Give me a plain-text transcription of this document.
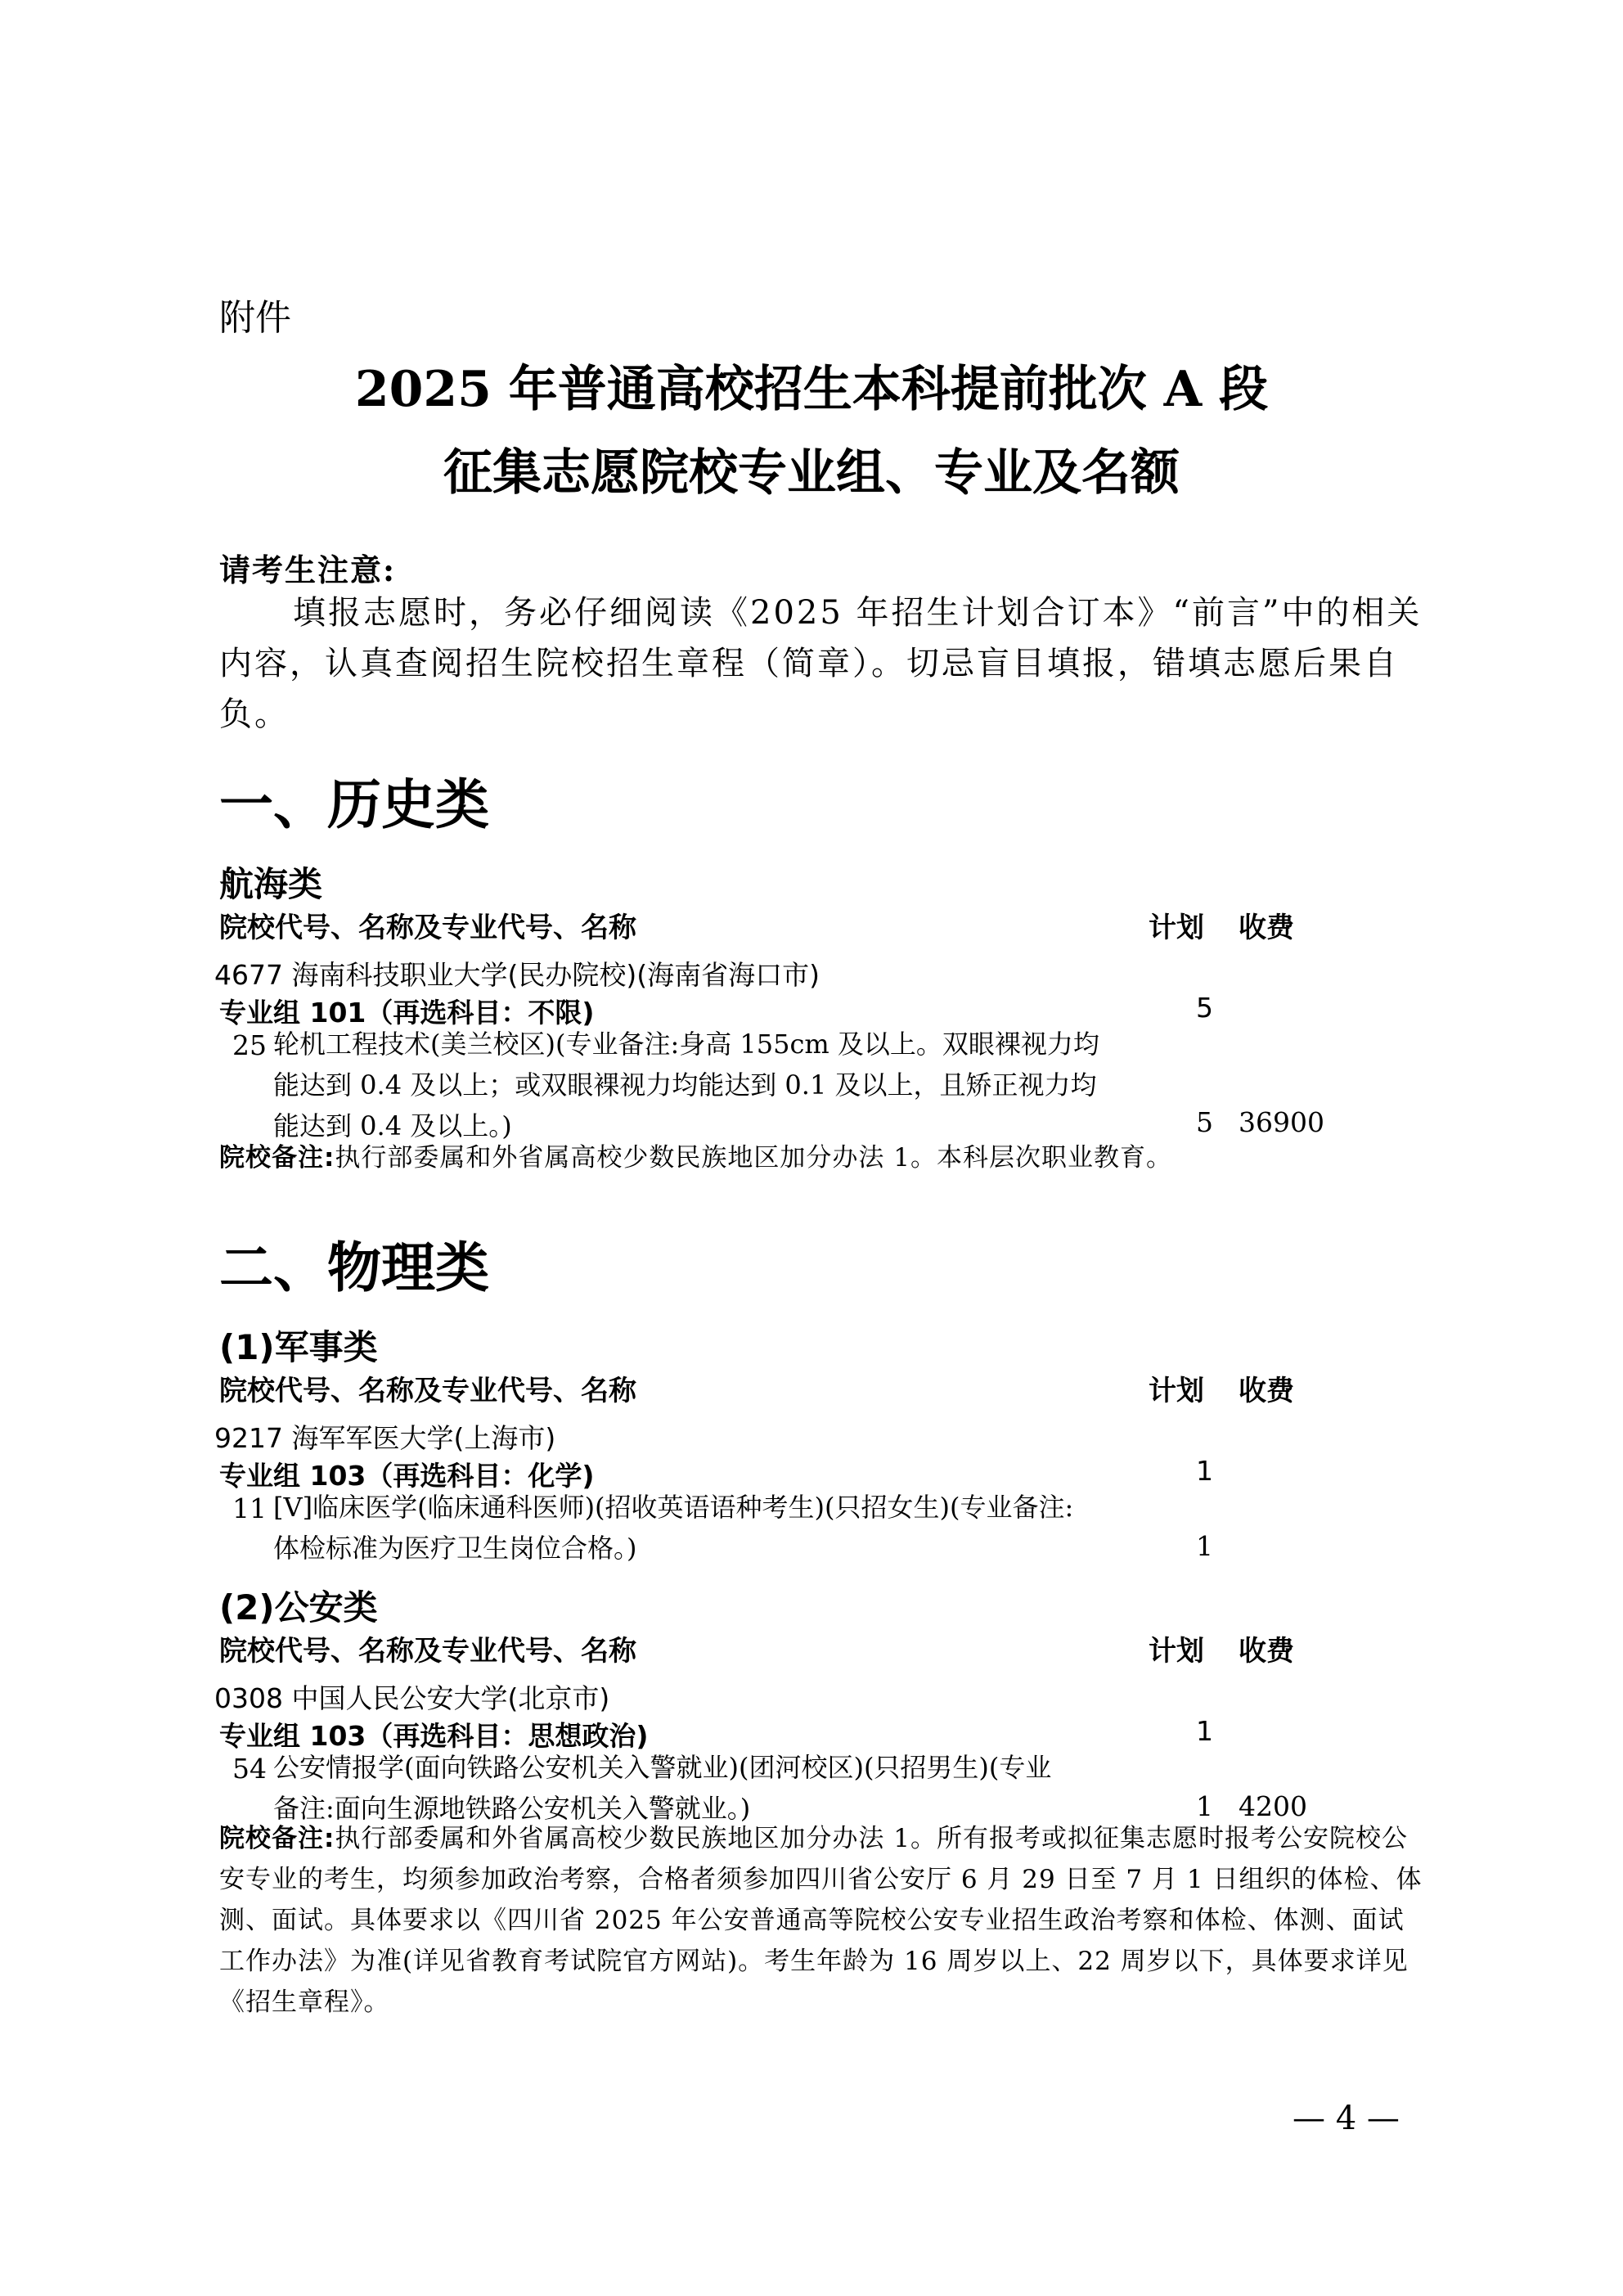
附件
2025 年普通高校招生本科提前批次 A 段
征集志愿院校专业组、专业及名额
请考生注意:
填报志愿时，务必仔细阅读《2025 年招生计划合订本》“前言”中的相关内容，认真查阅招生院校招生章程（简章）。切忌盲目填报，错填志愿后果自负。
一、历史类
航海类
院校代号、名称及专业代号、名称	计划 收费
4677 海南科技职业大学(民办院校)(海南省海口市)
专业组 101（再选科目：不限)	5
25 轮机工程技术(美兰校区)(专业备注:身高 155cm 及以上。双眼裸视力均能达到 0.4 及以上；或双眼裸视力均能达到 0.1 及以上，且矫正视力均能达到 0.4 及以上。)	5 36900
院校备注:执行部委属和外省属高校少数民族地区加分办法 1。本科层次职业教育。
二、物理类
(1)军事类
院校代号、名称及专业代号、名称	计划 收费
9217 海军军医大学(上海市)
专业组 103（再选科目：化学)	1
11 [Ⅴ]临床医学(临床通科医师)(招收英语语种考生)(只招女生)(专业备注:体检标准为医疗卫生岗位合格。)	1
(2)公安类
院校代号、名称及专业代号、名称	计划 收费
0308 中国人民公安大学(北京市)
专业组 103（再选科目：思想政治)	1
54 公安情报学(面向铁路公安机关入警就业)(团河校区)(只招男生)(专业备注:面向生源地铁路公安机关入警就业。)	1 4200
院校备注:执行部委属和外省属高校少数民族地区加分办法 1。所有报考或拟征集志愿时报考公安院校公安专业的考生，均须参加政治考察，合格者须参加四川省公安厅 6 月 29 日至 7 月 1 日组织的体检、体测、面试。具体要求以《四川省 2025 年公安普通高等院校公安专业招生政治考察和体检、体测、面试工作办法》为准(详见省教育考试院官方网站)。考生年龄为 16 周岁以上、22 周岁以下，具体要求详见《招生章程》。
— 4 —
